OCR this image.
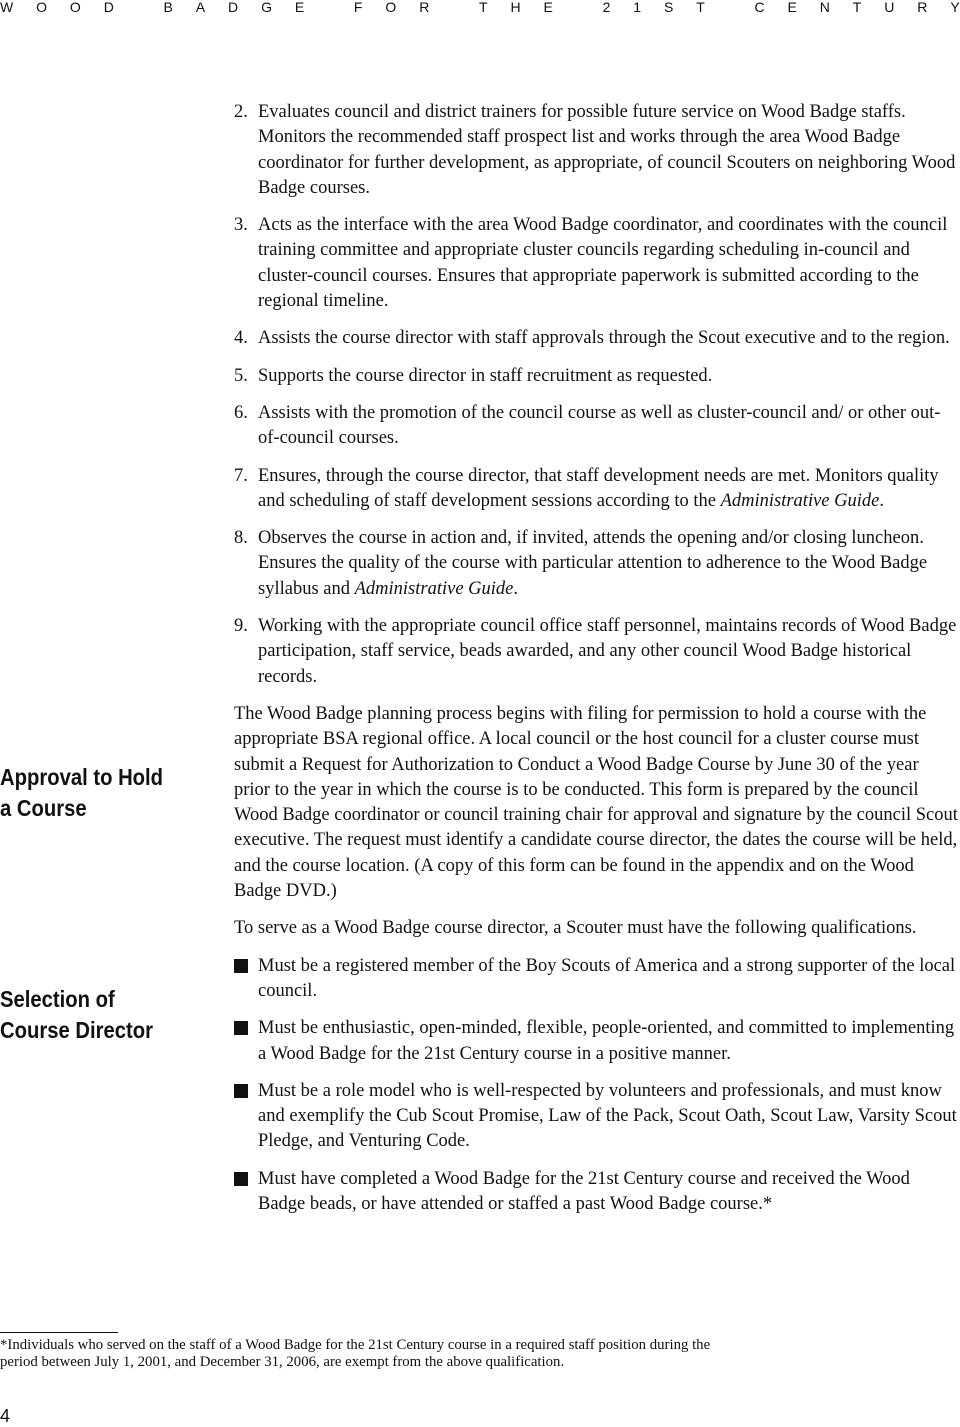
W O O D
	B A D G E
	F O R
	T H E
	2 1 S T
	C E N T U R Y
Approval to Hold a Course
Selection of Course Director
2. Evaluates council and district trainers for possible future service on Wood Badge staffs. Monitors the recommended staff prospect list and works through the area Wood Badge coordinator for further development, as appropriate, of council Scouters on neighboring Wood Badge courses.
3. Acts as the interface with the area Wood Badge coordinator, and coordinates with the council training committee and appropriate cluster councils regarding scheduling in-council and cluster-council courses. Ensures that appropriate paperwork is submitted according to the regional timeline.
4. Assists the course director with staff approvals through the Scout executive and to the region.
5. Supports the course director in staff recruitment as requested.
6. Assists with the promotion of the council course as well as cluster-council and/ or other out-of-council courses.
7. Ensures, through the course director, that staff development needs are met. Monitors quality and scheduling of staff development sessions according to the Administrative Guide.
8. Observes the course in action and, if invited, attends the opening and/or closing luncheon. Ensures the quality of the course with particular attention to adherence to the Wood Badge syllabus and Administrative Guide.
9. Working with the appropriate council office staff personnel, maintains records of Wood Badge participation, staff service, beads awarded, and any other council Wood Badge historical records.

The Wood Badge planning process begins with filing for permission to hold a course with the appropriate BSA regional office. A local council or the host council for a cluster course must submit a Request for Authorization to Conduct a Wood Badge Course by June 30 of the year prior to the year in which the course is to be conducted. This form is prepared by the council Wood Badge coordinator or council training chair for approval and signature by the council Scout executive. The request must identify a candidate course director, the dates the course will be held, and the course location. (A copy of this form can be found in the appendix and on the Wood Badge DVD.)

To serve as a Wood Badge course director, a Scouter must have the following qualifications.

Must be a registered member of the Boy Scouts of America and a strong supporter of the local council.
Must be enthusiastic, open-minded, flexible, people-oriented, and committed to implementing a Wood Badge for the 21st Century course in a positive manner.
Must be a role model who is well-respected by volunteers and professionals, and must know and exemplify the Cub Scout Promise, Law of the Pack, Scout Oath, Scout Law, Varsity Scout Pledge, and Venturing Code.
Must have completed a Wood Badge for the 21st Century course and received the Wood Badge beads, or have attended or staffed a past Wood Badge course.*
*Individuals who served on the staff of a Wood Badge for the 21st Century course in a required staff position during the period between July 1, 2001, and December 31, 2006, are exempt from the above qualification.
4
